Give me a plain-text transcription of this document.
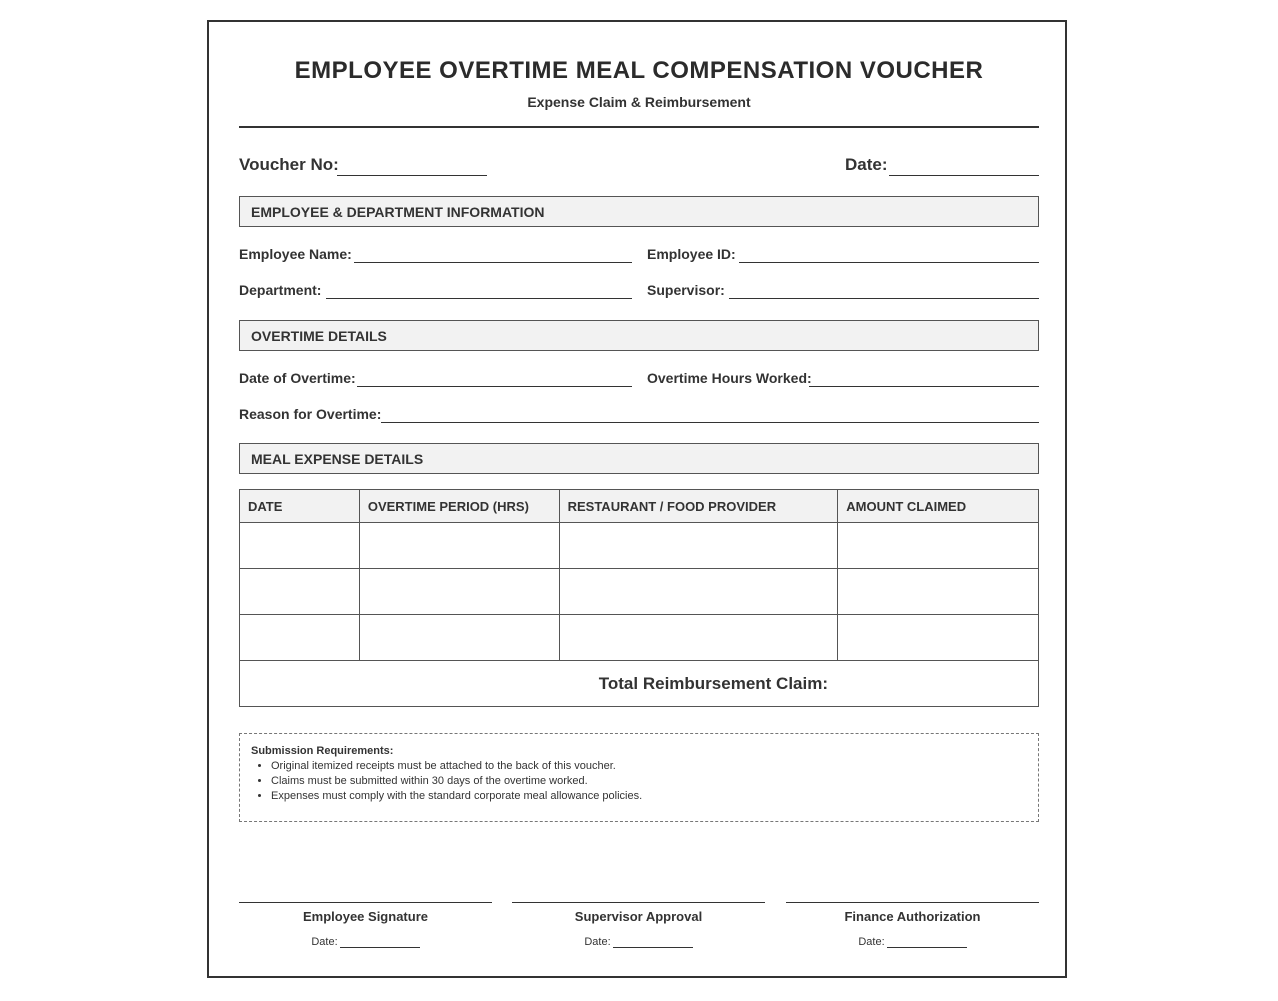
EMPLOYEE OVERTIME MEAL COMPENSATION VOUCHER
Expense Claim & Reimbursement
Voucher No:	Date:
EMPLOYEE & DEPARTMENT INFORMATION
Employee Name:	Employee ID:
Department:	Supervisor:
OVERTIME DETAILS
Date of Overtime:	Overtime Hours Worked:
Reason for Overtime:
MEAL EXPENSE DETAILS
DATE	OVERTIME PERIOD (HRS)	RESTAURANT / FOOD PROVIDER	AMOUNT CLAIMED

Total Reimbursement Claim:			
Submission Requirements:
• Original itemized receipts must be attached to the back of this voucher.
• Claims must be submitted within 30 days of the overtime worked.
• Expenses must comply with the standard corporate meal allowance policies.
Employee Signature
Date:
Supervisor Approval
Date:
Finance Authorization
Date:
